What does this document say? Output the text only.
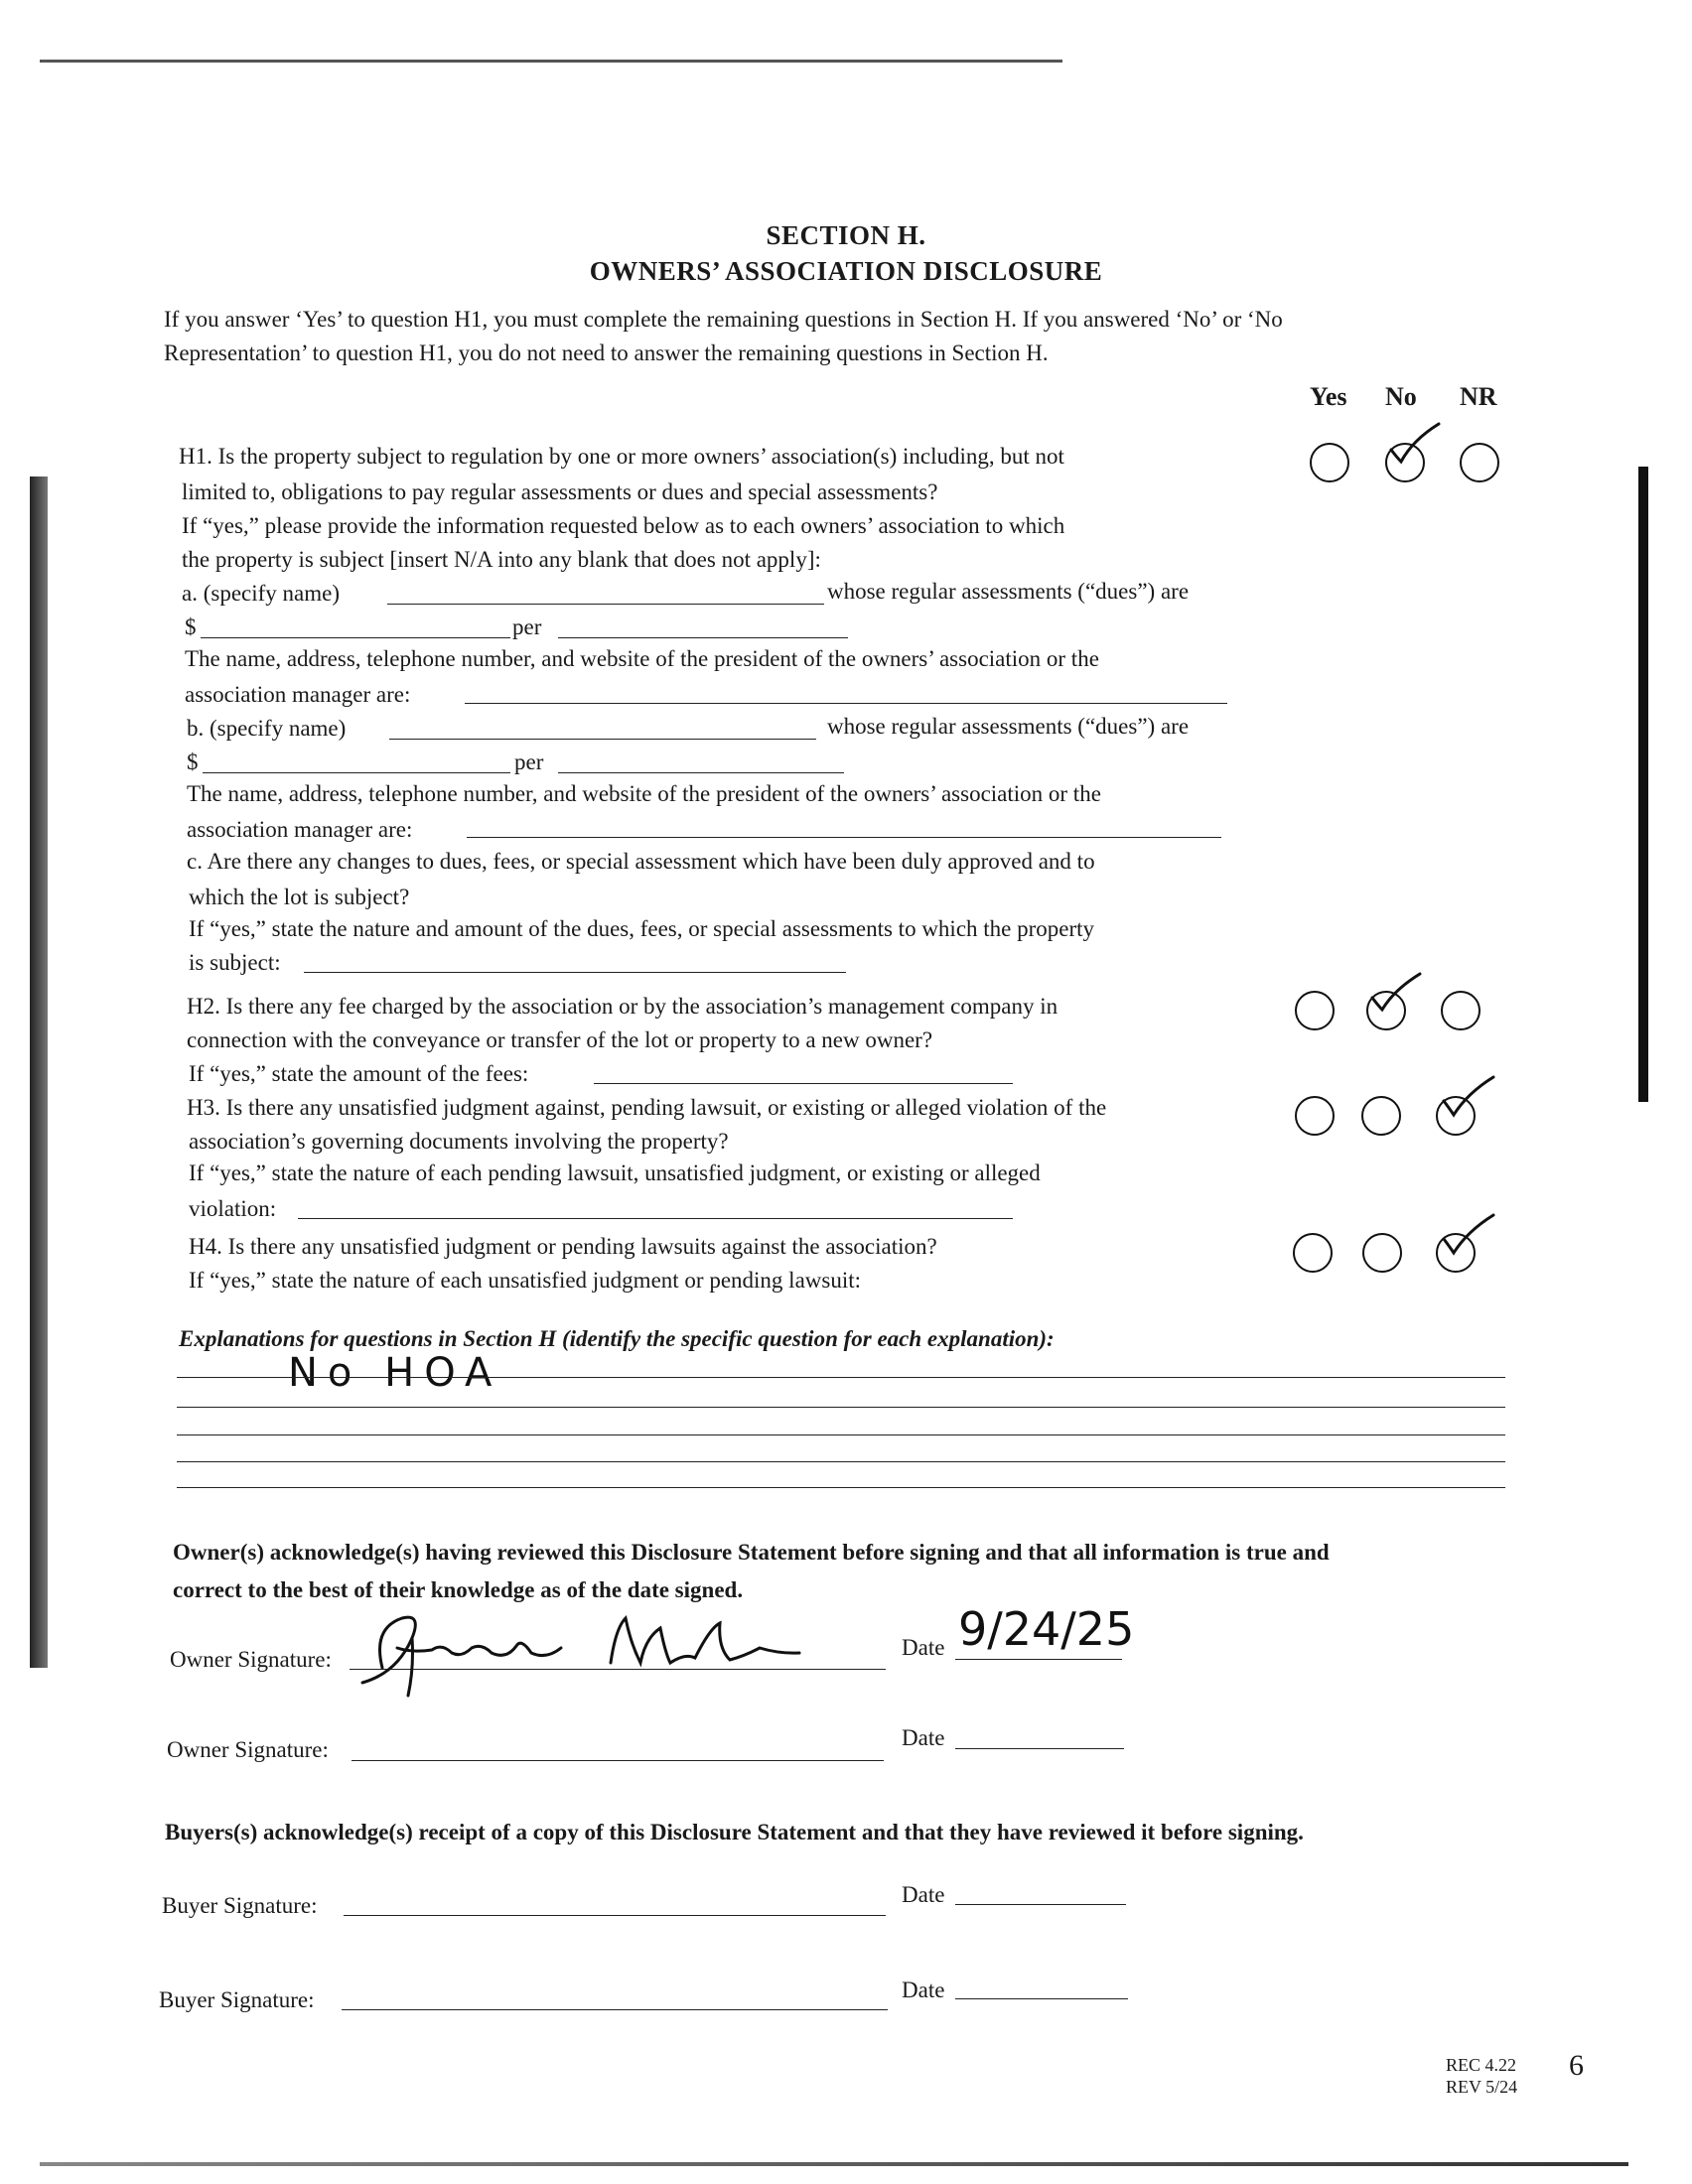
SECTION H.
OWNERS’ ASSOCIATION DISCLOSURE
If you answer ‘Yes’ to question H1, you must complete the remaining questions in Section H. If you answered ‘No’ or ‘No
Representation’ to question H1, you do not need to answer the remaining questions in Section H.
Yes No NR
H1. Is the property subject to regulation by one or more owners’ association(s) including, but not
limited to, obligations to pay regular assessments or dues and special assessments?
If “yes,” please provide the information requested below as to each owners’ association to which
the property is subject [insert N/A into any blank that does not apply]:
a. (specify name)	whose regular assessments (“dues”) are
$	per
The name, address, telephone number, and website of the president of the owners’ association or the
association manager are:
b. (specify name)	whose regular assessments (“dues”) are
$	per
The name, address, telephone number, and website of the president of the owners’ association or the
association manager are:
c. Are there any changes to dues, fees, or special assessment which have been duly approved and to
which the lot is subject?
If “yes,” state the nature and amount of the dues, fees, or special assessments to which the property
is subject:
H2. Is there any fee charged by the association or by the association’s management company in
connection with the conveyance or transfer of the lot or property to a new owner?
If “yes,” state the amount of the fees:
H3. Is there any unsatisfied judgment against, pending lawsuit, or existing or alleged violation of the
association’s governing documents involving the property?
If “yes,” state the nature of each pending lawsuit, unsatisfied judgment, or existing or alleged
violation:
H4. Is there any unsatisfied judgment or pending lawsuits against the association?
If “yes,” state the nature of each unsatisfied judgment or pending lawsuit:
Explanations for questions in Section H (identify the specific question for each explanation):
No HOA
Owner(s) acknowledge(s) having reviewed this Disclosure Statement before signing and that all information is true and
correct to the best of their knowledge as of the date signed.
Owner Signature:	Date 9/24/25
Owner Signature:	Date
Buyers(s) acknowledge(s) receipt of a copy of this Disclosure Statement and that they have reviewed it before signing.
Buyer Signature:	Date
Buyer Signature:	Date
REC 4.22
REV 5/24
6
